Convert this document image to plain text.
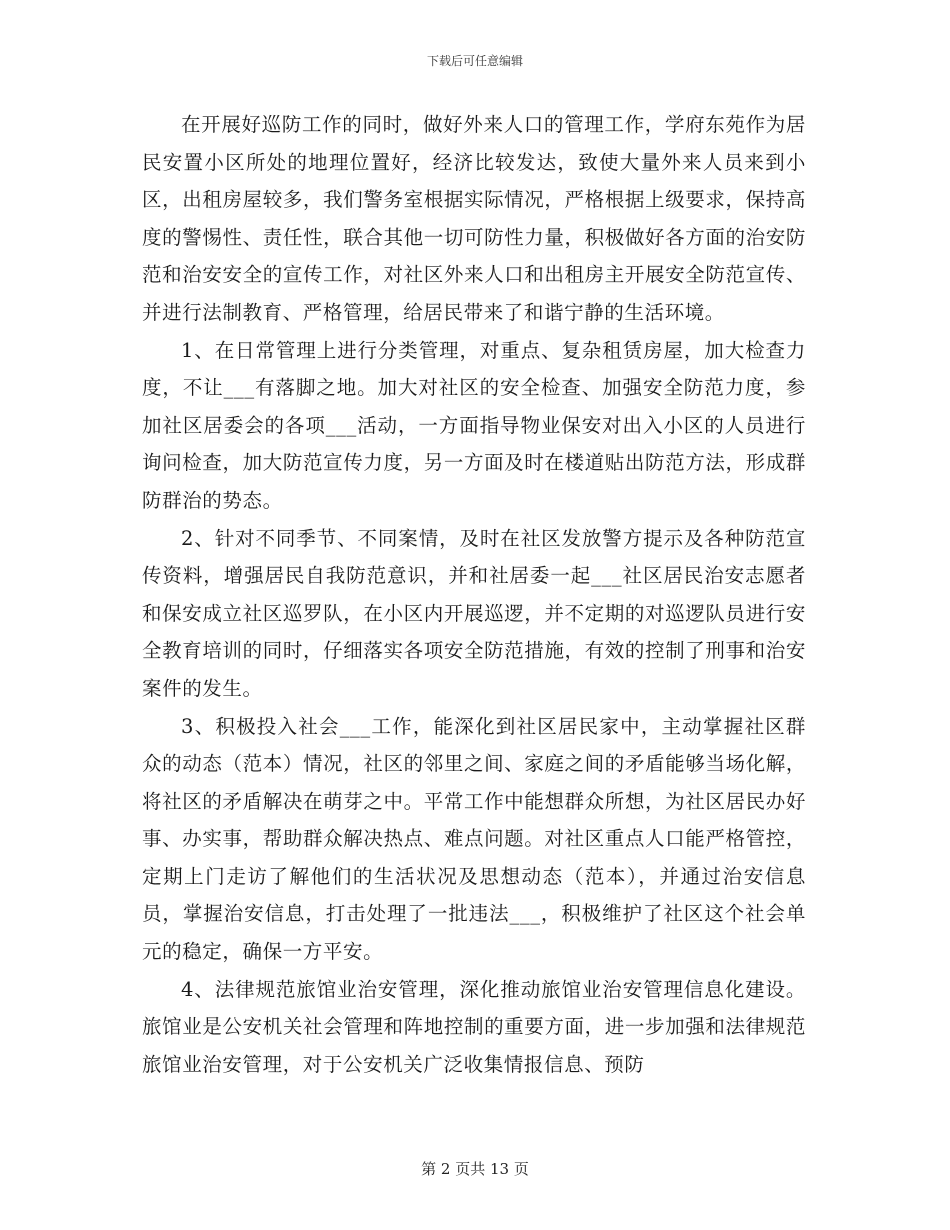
下载后可任意编辑

在开展好巡防工作的同时，做好外来人口的管理工作，学府东苑作为居民安置小区所处的地理位置好，经济比较发达，致使大量外来人员来到小区，出租房屋较多，我们警务室根据实际情况，严格根据上级要求，保持高度的警惕性、责任性，联合其他一切可防性力量，积极做好各方面的治安防范和治安安全的宣传工作，对社区外来人口和出租房主开展安全防范宣传、并进行法制教育、严格管理，给居民带来了和谐宁静的生活环境。

1、在日常管理上进行分类管理，对重点、复杂租赁房屋，加大检查力度，不让___有落脚之地。加大对社区的安全检查、加强安全防范力度，参加社区居委会的各项___活动，一方面指导物业保安对出入小区的人员进行询问检查，加大防范宣传力度，另一方面及时在楼道贴出防范方法，形成群防群治的势态。

2、针对不同季节、不同案情，及时在社区发放警方提示及各种防范宣传资料，增强居民自我防范意识，并和社居委一起___社区居民治安志愿者和保安成立社区巡罗队，在小区内开展巡逻，并不定期的对巡逻队员进行安全教育培训的同时，仔细落实各项安全防范措施，有效的控制了刑事和治安案件的发生。

3、积极投入社会___工作，能深化到社区居民家中，主动掌握社区群众的动态（范本）情况，社区的邻里之间、家庭之间的矛盾能够当场化解，将社区的矛盾解决在萌芽之中。平常工作中能想群众所想，为社区居民办好事、办实事，帮助群众解决热点、难点问题。对社区重点人口能严格管控，定期上门走访了解他们的生活状况及思想动态（范本），并通过治安信息员，掌握治安信息，打击处理了一批违法___，积极维护了社区这个社会单元的稳定，确保一方平安。

4、法律规范旅馆业治安管理，深化推动旅馆业治安管理信息化建设。旅馆业是公安机关社会管理和阵地控制的重要方面，进一步加强和法律规范旅馆业治安管理，对于公安机关广泛收集情报信息、预防

第 2 页共 13 页
